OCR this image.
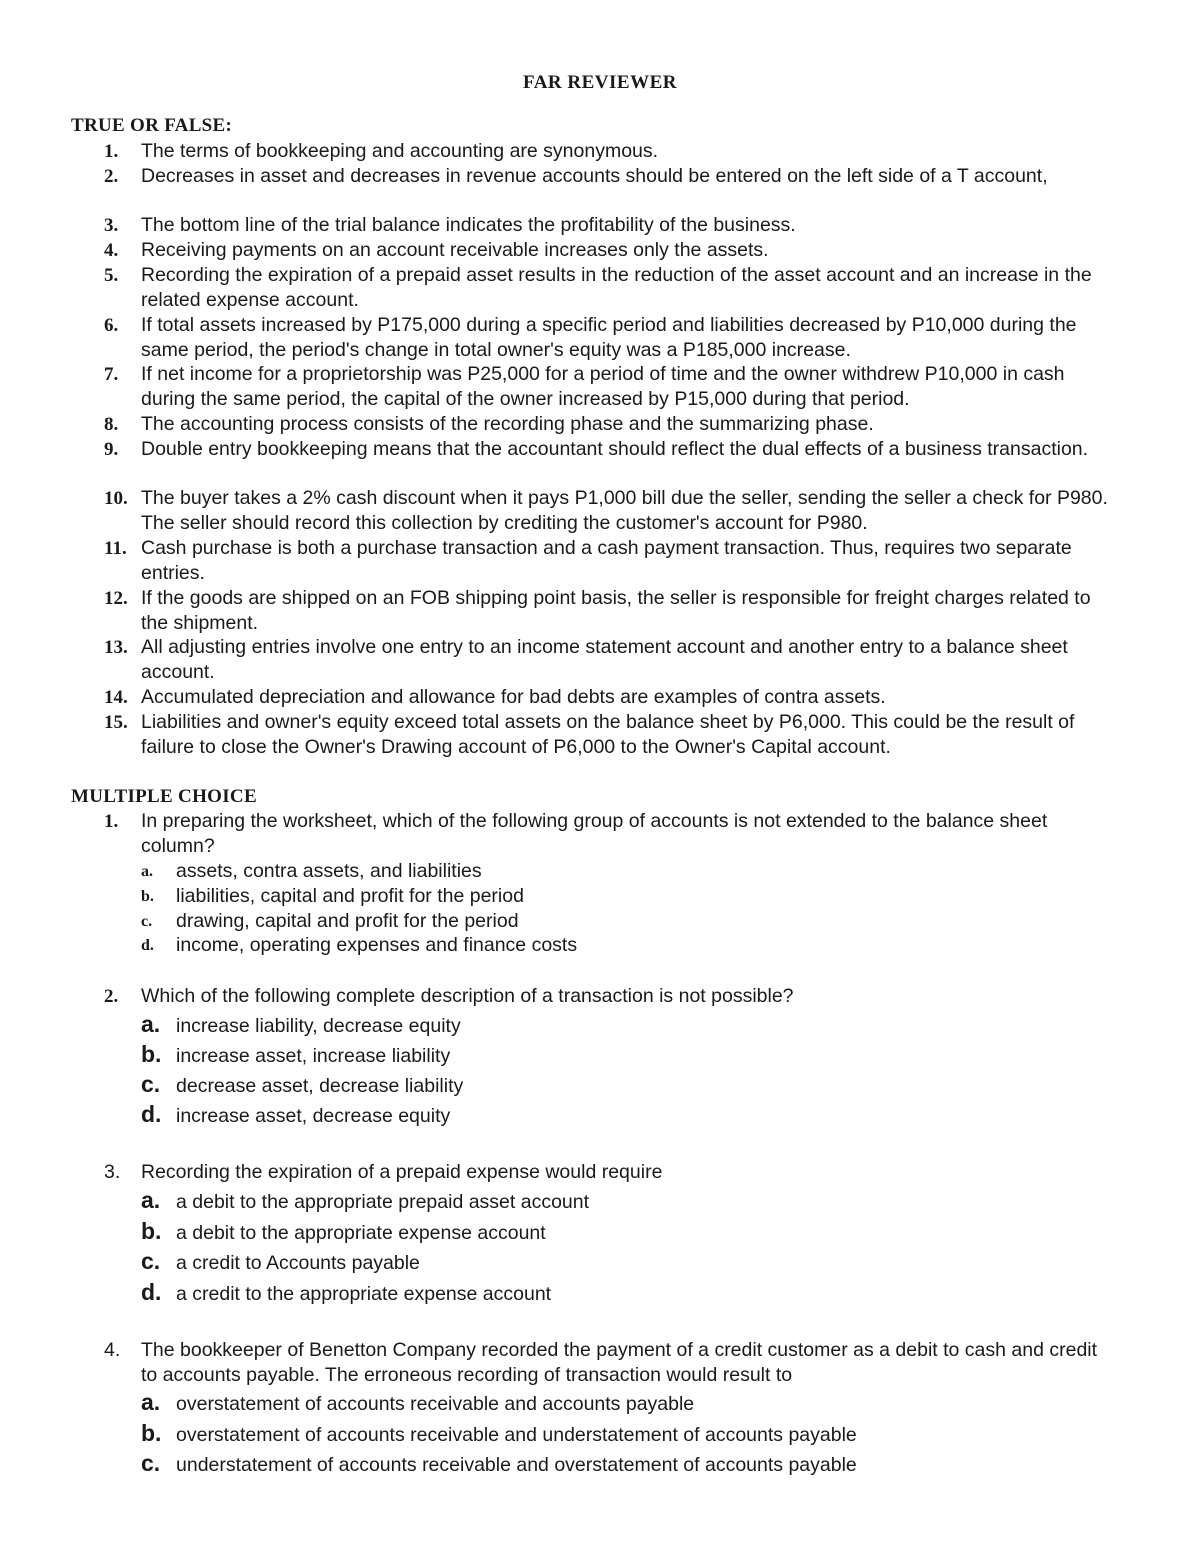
FAR REVIEWER
TRUE OR FALSE:
1.	The terms of bookkeeping and accounting are synonymous.
2.	Decreases in asset and decreases in revenue accounts should be entered on the left side of a T account,
3.	The bottom line of the trial balance indicates the profitability of the business.
4.	Receiving payments on an account receivable increases only the assets.
5.	Recording the expiration of a prepaid asset results in the reduction of the asset account and an increase in the related expense account.
6.	If total assets increased by P175,000 during a specific period and liabilities decreased by P10,000 during the same period, the period's change in total owner's equity was a P185,000 increase.
7.	If net income for a proprietorship was P25,000 for a period of time and the owner withdrew P10,000 in cash during the same period, the capital of the owner increased by P15,000 during that period.
8.	The accounting process consists of the recording phase and the summarizing phase.
9.	Double entry bookkeeping means that the accountant should reflect the dual effects of a business transaction.
10. The buyer takes a 2% cash discount when it pays P1,000 bill due the seller, sending the seller a check for P980. The seller should record this collection by crediting the customer's account for P980.
11. Cash purchase is both a purchase transaction and a cash payment transaction. Thus, requires two separate entries.
12. If the goods are shipped on an FOB shipping point basis, the seller is responsible for freight charges related to the shipment.
13. All adjusting entries involve one entry to an income statement account and another entry to a balance sheet account.
14. Accumulated depreciation and allowance for bad debts are examples of contra assets.
15. Liabilities and owner's equity exceed total assets on the balance sheet by P6,000. This could be the result of failure to close the Owner's Drawing account of P6,000 to the Owner's Capital account.
MULTIPLE CHOICE
1.	In preparing the worksheet, which of the following group of accounts is not extended to the balance sheet column?
a. assets, contra assets, and liabilities
b. liabilities, capital and profit for the period
c. drawing, capital and profit for the period
d. income, operating expenses and finance costs
2.	Which of the following complete description of a transaction is not possible?
a. increase liability, decrease equity
b. increase asset, increase liability
c. decrease asset, decrease liability
d. increase asset, decrease equity
3.	Recording the expiration of a prepaid expense would require
a. a debit to the appropriate prepaid asset account
b. a debit to the appropriate expense account
c. a credit to Accounts payable
d. a credit to the appropriate expense account
4.	The bookkeeper of Benetton Company recorded the payment of a credit customer as a debit to cash and credit to accounts payable. The erroneous recording of transaction would result to
a. overstatement of accounts receivable and accounts payable
b. overstatement of accounts receivable and understatement of accounts payable
c. understatement of accounts receivable and overstatement of accounts payable
